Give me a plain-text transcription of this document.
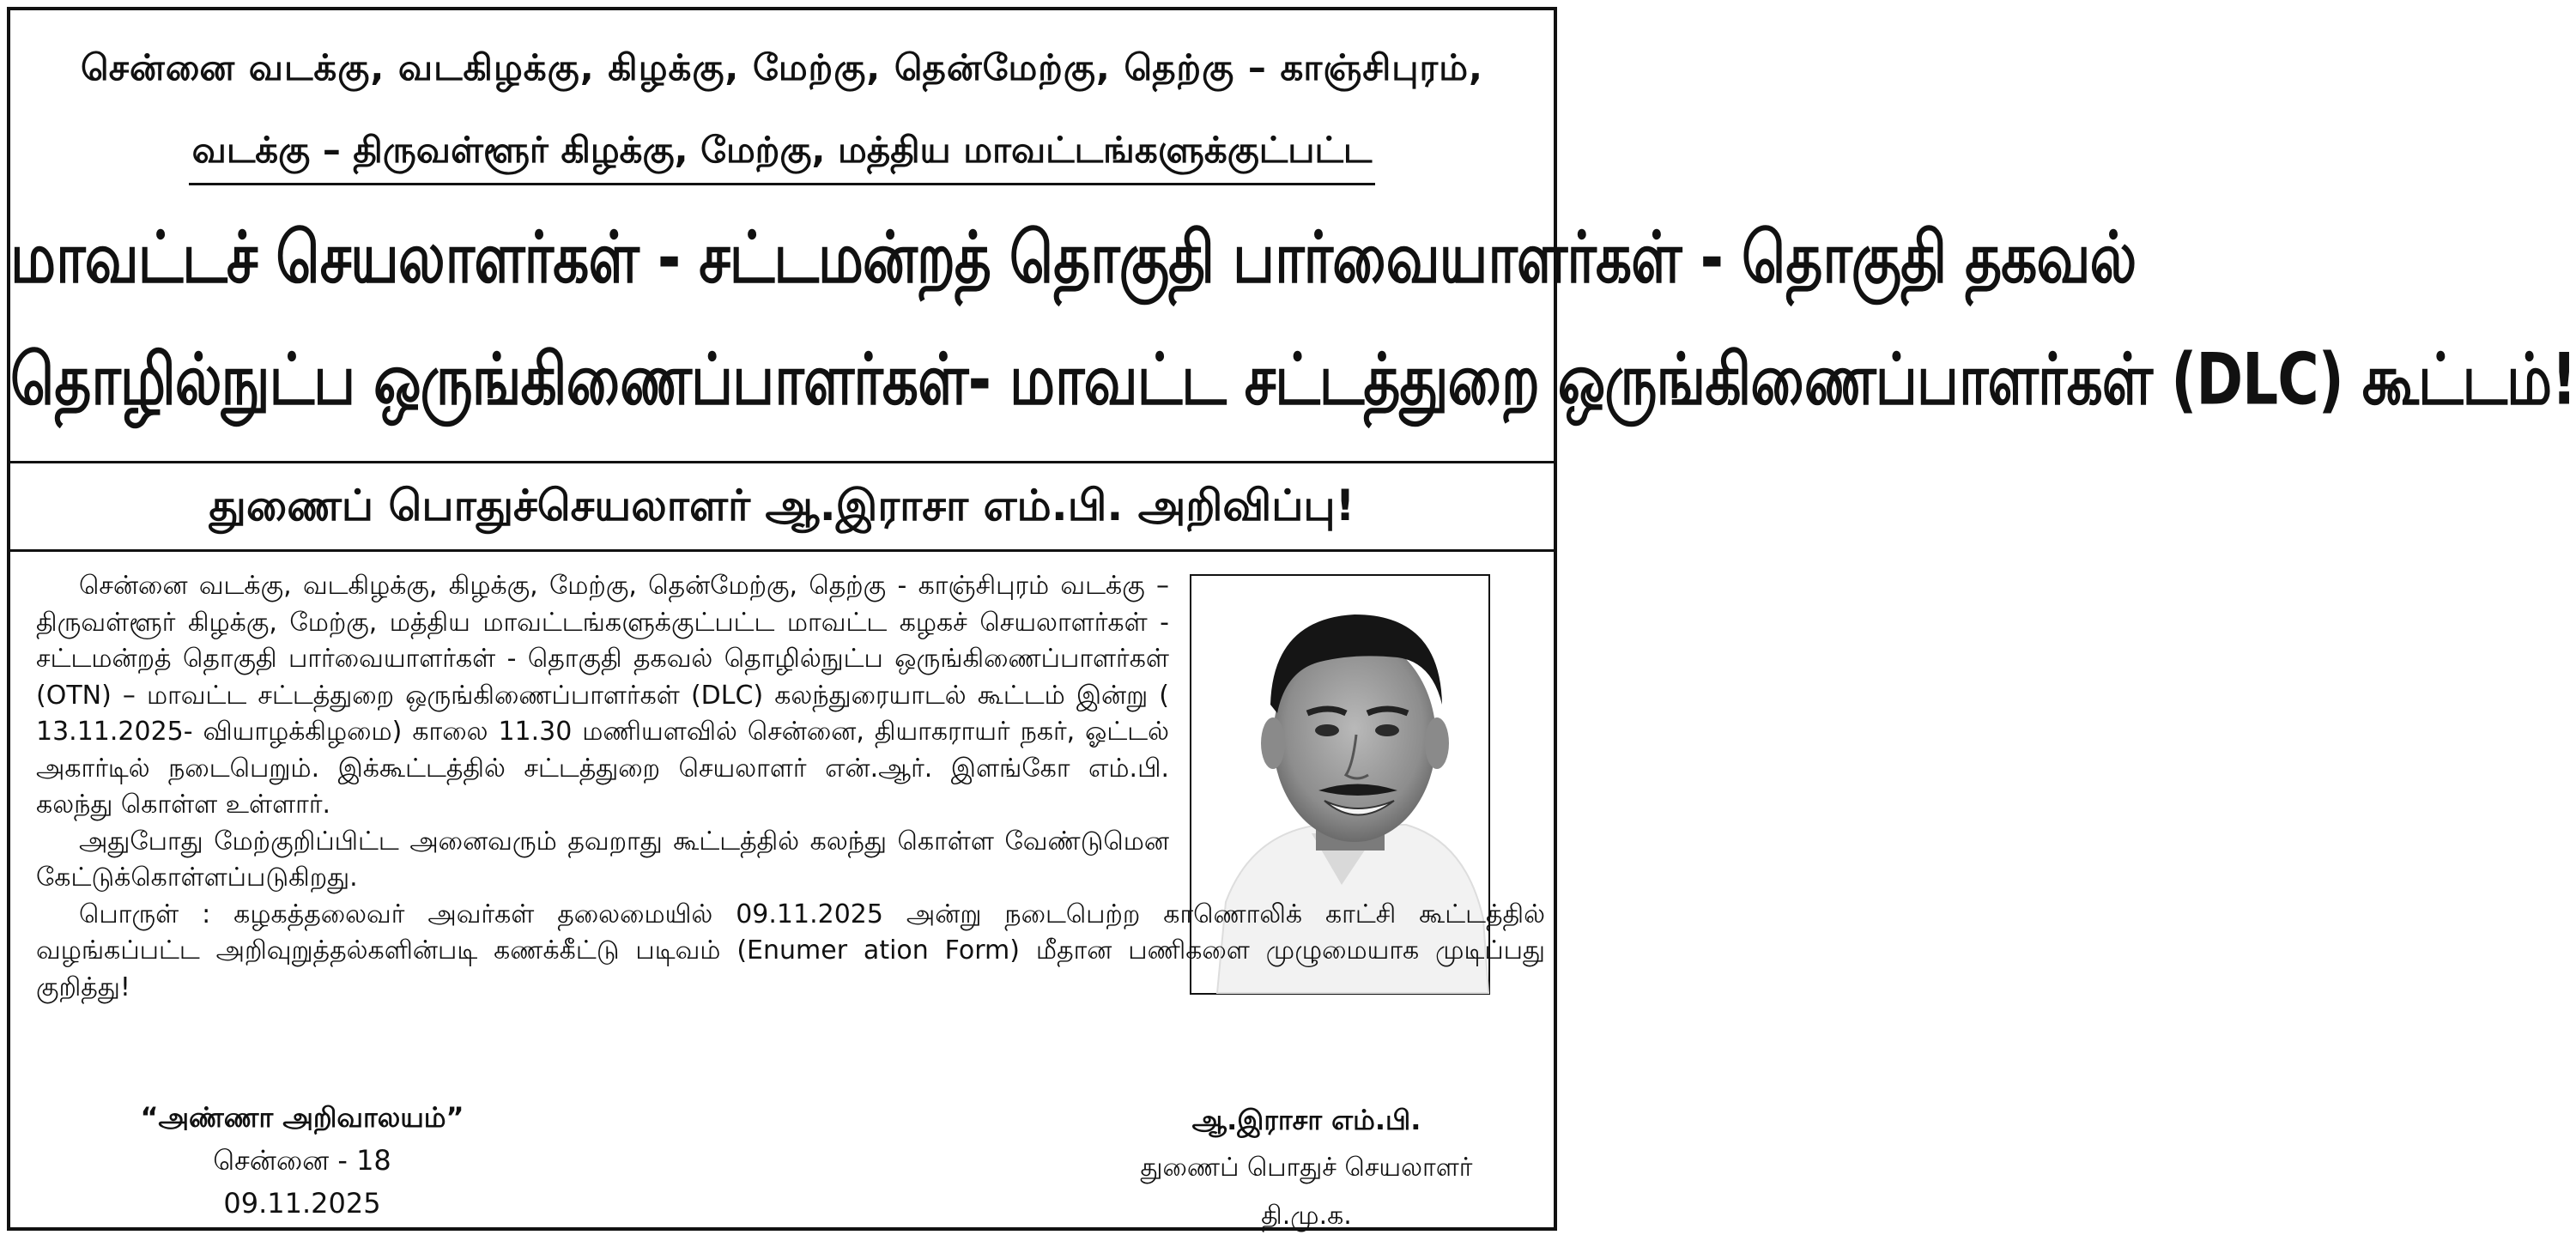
சென்னை வடக்கு, வடகிழக்கு, கிழக்கு, மேற்கு, தென்மேற்கு, தெற்கு – காஞ்சிபுரம்,
வடக்கு – திருவள்ளூர் கிழக்கு, மேற்கு, மத்திய மாவட்டங்களுக்குட்பட்ட
மாவட்டச் செயலாளர்கள் - சட்டமன்றத் தொகுதி பார்வையாளர்கள் - தொகுதி தகவல்
தொழில்நுட்ப ஒருங்கிணைப்பாளர்கள்- மாவட்ட சட்டத்துறை ஒருங்கிணைப்பாளர்கள் (DLC) கூட்டம்!
துணைப் பொதுச்செயலாளர் ஆ.இராசா எம்.பி. அறிவிப்பு!

சென்னை வடக்கு, வடகிழக்கு, கிழக்கு, மேற்கு, தென்மேற்கு, தெற்கு - காஞ்சிபுரம் வடக்கு – திருவள்ளூர் கிழக்கு, மேற்கு, மத்திய மாவட்டங்களுக்குட்பட்ட மாவட்ட கழகச் செயலாளர்கள் - சட்டமன்றத் தொகுதி பார்வையாளர்கள் - தொகுதி தகவல் தொழில்நுட்ப ஒருங்கிணைப்பாளர்கள் (OTN) – மாவட்ட சட்டத்துறை ஒருங்கிணைப்பாளர்கள் (DLC) கலந்துரையாடல் கூட்டம் இன்று ( 13.11.2025- வியாழக்கிழமை) காலை 11.30 மணியளவில் சென்னை, தியாகராயர் நகர், ஓட்டல் அகார்டில் நடைபெறும். இக்கூட்டத்தில் சட்டத்துறை செயலாளர் என்.ஆர். இளங்கோ எம்.பி. கலந்து கொள்ள உள்ளார்.

அதுபோது மேற்குறிப்பிட்ட அனைவரும் தவறாது கூட்டத்தில் கலந்து கொள்ள வேண்டுமென கேட்டுக்கொள்ளப்படுகிறது.

பொருள் : கழகத்தலைவர் அவர்கள் தலைமையில் 09.11.2025 அன்று நடைபெற்ற காணொலிக் காட்சி கூட்டத்தில் வழங்கப்பட்ட அறிவுறுத்தல்களின்படி கணக்கீட்டு படிவம் (Enumer ation Form) மீதான பணிகளை முழுமையாக முடிப்பது குறித்து!

“அண்ணா அறிவாலயம்”
சென்னை - 18
09.11.2025
ஆ.இராசா எம்.பி.
துணைப் பொதுச் செயலாளர்
தி.மு.க.
